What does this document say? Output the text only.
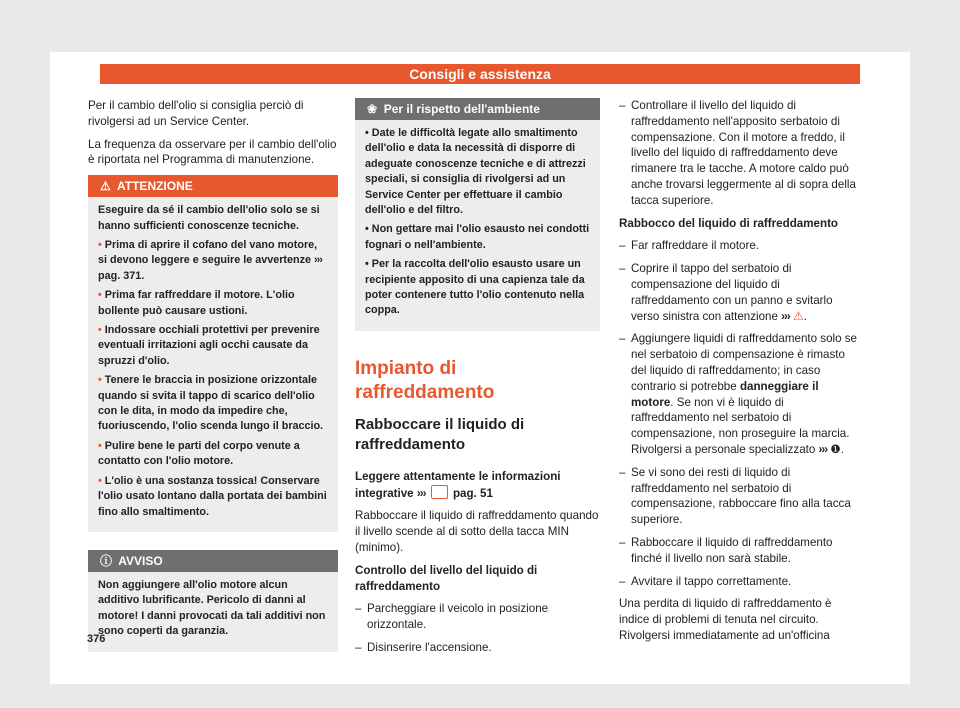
Consigli e assistenza

Per il cambio dell'olio si consiglia perciò di rivolgersi ad un Service Center.

La frequenza da osservare per il cambio dell'olio è riportata nel Programma di manutenzione.

⚠ ATTENZIONE

Eseguire da sé il cambio dell'olio solo se si hanno sufficienti conoscenze tecniche.

• Prima di aprire il cofano del vano motore, si devono leggere e seguire le avvertenze ››› pag. 371.
• Prima far raffreddare il motore. L'olio bollente può causare ustioni.
• Indossare occhiali protettivi per prevenire eventuali irritazioni agli occhi causate da spruzzi d'olio.
• Tenere le braccia in posizione orizzontale quando si svita il tappo di scarico dell'olio con le dita, in modo da impedire che, fuoriuscendo, l'olio scenda lungo il braccio.
• Pulire bene le parti del corpo venute a contatto con l'olio motore.
• L'olio è una sostanza tossica! Conservare l'olio usato lontano dalla portata dei bambini fino allo smaltimento.
ⓘ AVVISO

Non aggiungere all'olio motore alcun additivo lubrificante. Pericolo di danni al motore! I danni provocati da tali additivi non sono coperti da garanzia.

❀ Per il rispetto dell'ambiente
• Date le difficoltà legate allo smaltimento dell'olio e data la necessità di disporre di adeguate conoscenze tecniche e di attrezzi speciali, si consiglia di rivolgersi ad un Service Center per effettuare il cambio dell'olio e del filtro.
• Non gettare mai l'olio esausto nei condotti fognari o nell'ambiente.
• Per la raccolta dell'olio esausto usare un recipiente apposito di una capienza tale da poter contenere tutto l'olio contenuto nella coppa.
Impianto di raffreddamento
Rabboccare il liquido di raffreddamento

Leggere attentamente le informazioni integrative ››› pag. 51

Rabboccare il liquido di raffreddamento quando il livello scende al di sotto della tacca MIN (minimo).

Controllo del livello del liquido di raffreddamento

– Parcheggiare il veicolo in posizione orizzontale.
– Disinserire l'accensione.
– Controllare il livello del liquido di raffreddamento nell'apposito serbatoio di compensazione. Con il motore a freddo, il livello del liquido di raffreddamento deve rimanere tra le tacche. A motore caldo può anche trovarsi leggermente al di sopra della tacca superiore.

Rabbocco del liquido di raffreddamento

– Far raffreddare il motore.
– Coprire il tappo del serbatoio di compensazione del liquido di raffreddamento con un panno e svitarlo verso sinistra con attenzione ››› ⚠.
– Aggiungere liquidi di raffreddamento solo se nel serbatoio di compensazione è rimasto del liquido di raffreddamento; in caso contrario si potrebbe danneggiare il motore. Se non vi è liquido di raffreddamento nel serbatoio di compensazione, non proseguire la marcia. Rivolgersi a personale specializzato ››› ❶.
– Se vi sono dei resti di liquido di raffreddamento nel serbatoio di compensazione, rabboccare fino alla tacca superiore.
– Rabboccare il liquido di raffreddamento finché il livello non sarà stabile.
– Avvitare il tappo correttamente.

Una perdita di liquido di raffreddamento è indice di problemi di tenuta nel circuito. Rivolgersi immediatamente ad un'officina

376
